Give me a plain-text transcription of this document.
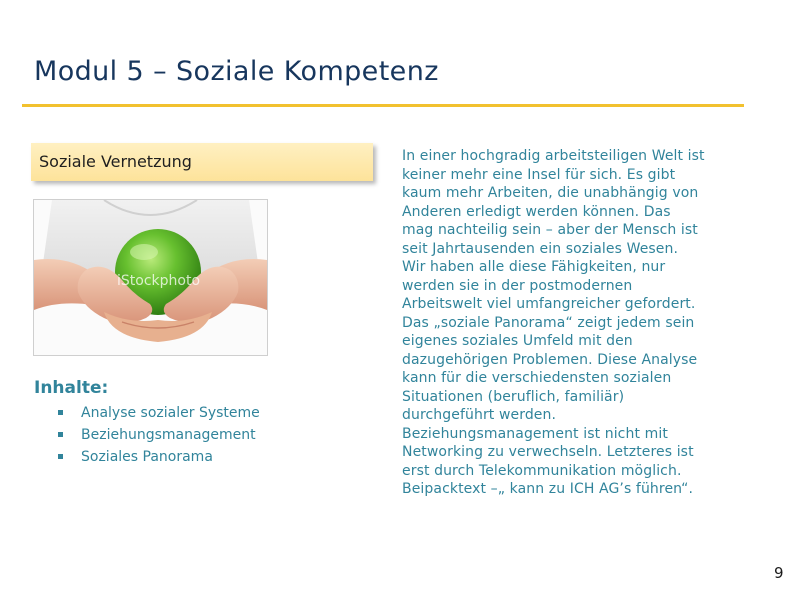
Modul 5 – Soziale Kompetenz
Soziale Vernetzung
iStockphoto
Inhalte:
Analyse sozialer Systeme
Beziehungsmanagement
Soziales Panorama

In einer hochgradig arbeitsteiligen Welt ist
keiner mehr eine Insel für sich. Es gibt
kaum mehr Arbeiten, die unabhängig von
Anderen erledigt werden können. Das
mag nachteilig sein – aber der Mensch ist
seit Jahrtausenden ein soziales Wesen.
Wir haben alle diese Fähigkeiten, nur
werden sie in der postmodernen
Arbeitswelt viel umfangreicher gefordert.
Das „soziale Panorama“ zeigt jedem sein
eigenes soziales Umfeld mit den
dazugehörigen Problemen. Diese Analyse
kann für die verschiedensten sozialen
Situationen (beruflich, familiär)
durchgeführt werden.
Beziehungsmanagement ist nicht mit
Networking zu verwechseln. Letzteres ist
erst durch Telekommunikation möglich.
Beipacktext –„ kann zu ICH AG’s führen“.

9
